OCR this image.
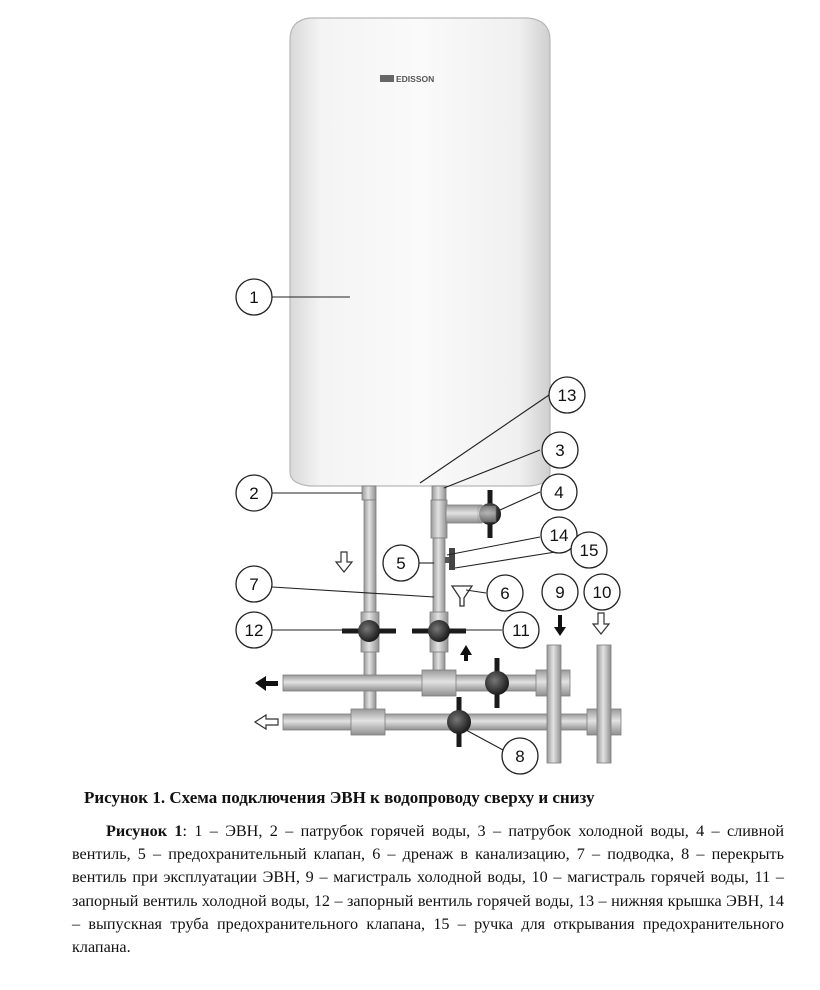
EDISSON
1
2
3
4
5
6
7
8
9 10
11
12
13
14
15

Рисунок 1. Схема подключения ЭВН к водопроводу сверху и снизу

Рисунок 1: 1 – ЭВН, 2 – патрубок горячей воды, 3 – патрубок холодной воды, 4 – сливной вентиль, 5 – предохранительный клапан, 6 – дренаж в канализацию, 7 – подводка, 8 – перекрыть вентиль при эксплуатации ЭВН, 9 – магистраль холодной воды, 10 – магистраль горячей воды, 11 – запорный вентиль холодной воды, 12 – запорный вентиль горячей воды, 13 – нижняя крышка ЭВН, 14 – выпускная труба предохранительного клапана, 15 – ручка для открывания предохранительного клапана.
